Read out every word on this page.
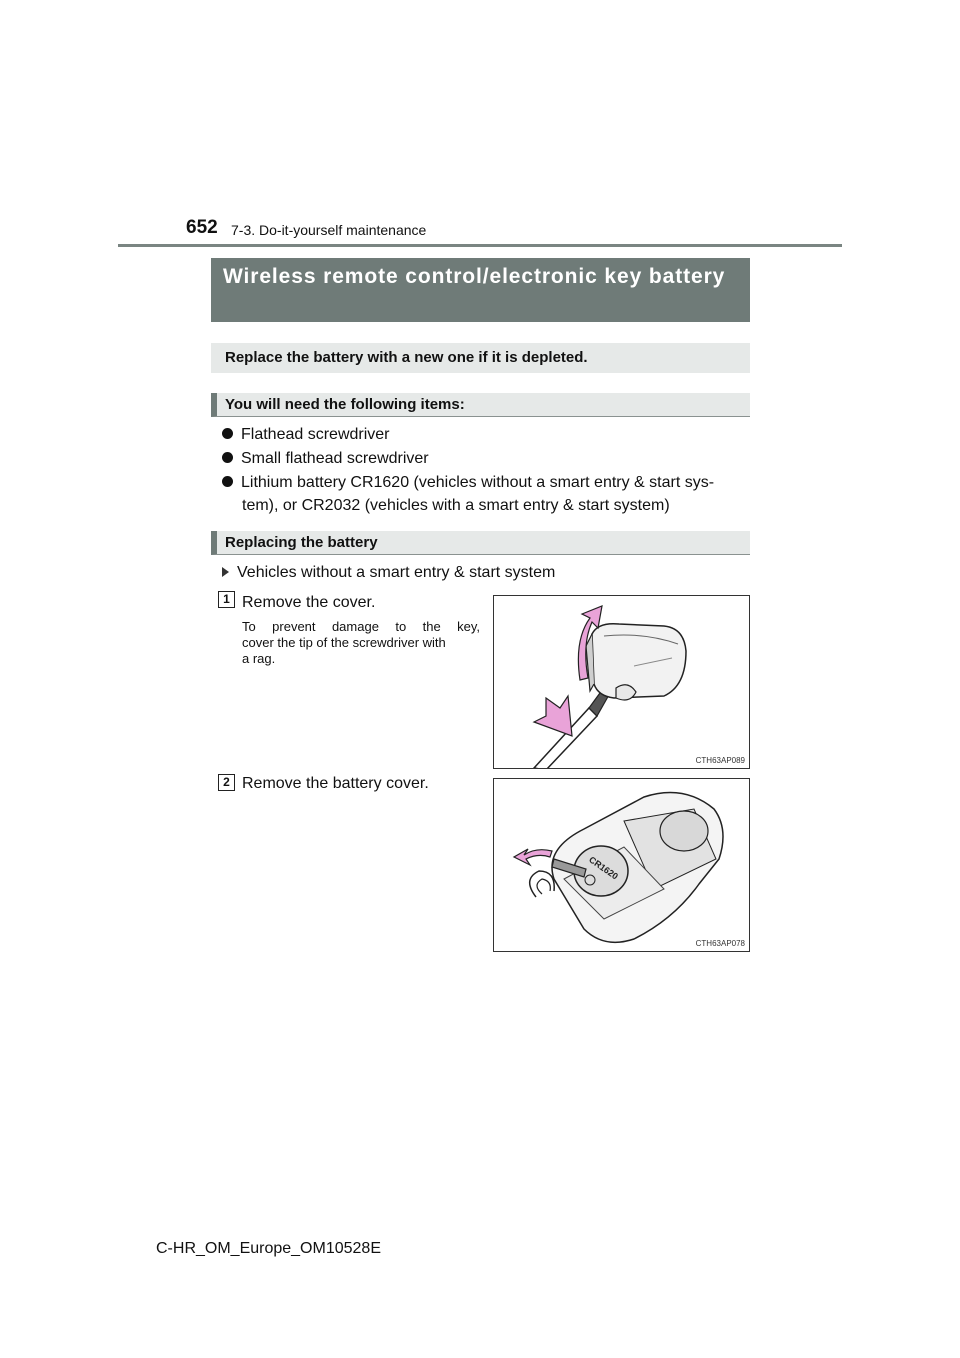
652 7-3. Do-it-yourself maintenance
Wireless remote control/electronic key battery
Replace the battery with a new one if it is depleted.
You will need the following items:
Flathead screwdriver
Small flathead screwdriver
Lithium battery CR1620 (vehicles without a smart entry & start sys-
tem), or CR2032 (vehicles with a smart entry & start system)
Replacing the battery
Vehicles without a smart entry & start system
1 Remove the cover.
To prevent damage to the key,
cover the tip of the screwdriver with
a rag.
CTH63AP089
2 Remove the battery cover.
CR1620
CTH63AP078
C-HR_OM_Europe_OM10528E
